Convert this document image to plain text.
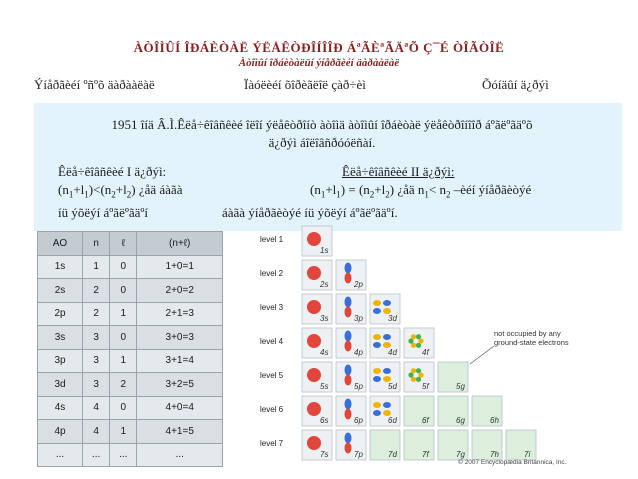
ÀÒÎÌÛÍ ÎÐÁÈÒÀË ÝËÅÊÒÐÎÍÎÎÐ ÁªÃÈªÃÄªÕ Ç¯É ÒÎÃÒÎË
Àòîìûí îðáèòàëüí ýíåðãèéí äàðààëàë
Ýíåðãèéí ºñºõ äàðààëàë	Ïàóëèéí õîðèãëîë çàð÷èì	Õóíäûí ä¿ðýì
1951 îíä Â.Ì.Êëå÷êîâñêèé îëîí ýëåêòðîíò àòîìä àòîìûí îðáèòàë ýëåêòðîíîîð áºãëºãäºõ
ä¿ðýì áîëîâñðóóëñàí.
Êëå÷êîâñêèé I ä¿ðýì:
$(n_1+l_1)<(n_2+l_2)$ ¿åä áàãà
íü ýõëýí áºãëºãäºí
Êëå÷êîâñêèé II ä¿ðýì:
$(n_1+l_1) = (n_2+l_2)$ ¿åä $n_1< n_2$ –èéí ýíåðãèòýé
áàãà ýíåðãèòýé íü ýõëýí áºãëºãäºí.
AO	n	ℓ	(n+ℓ)
1s	1	0	1+0=1
2s	2	0	2+0=2
2p	2	1	2+1=3
3s	3	0	3+0=3
3p	3	1	3+1=4
3d	3	2	3+2=5
4s	4	0	4+0=4
4p	4	1	4+1=5
...	...	...	...
level 1
1s
level 2
2s	2p
level 3
3s	3p	3d
level 4
4s	4p	4d	4f
level 5
5s	5p	5d	5f	5g
level 6
6s	6p	6d	6f	6g	6h
level 7
7s	7p	7d	7f	7g	7h	7i
not occupied by any ground-state electrons
© 2007 Encyclopædia Britannica, Inc.
